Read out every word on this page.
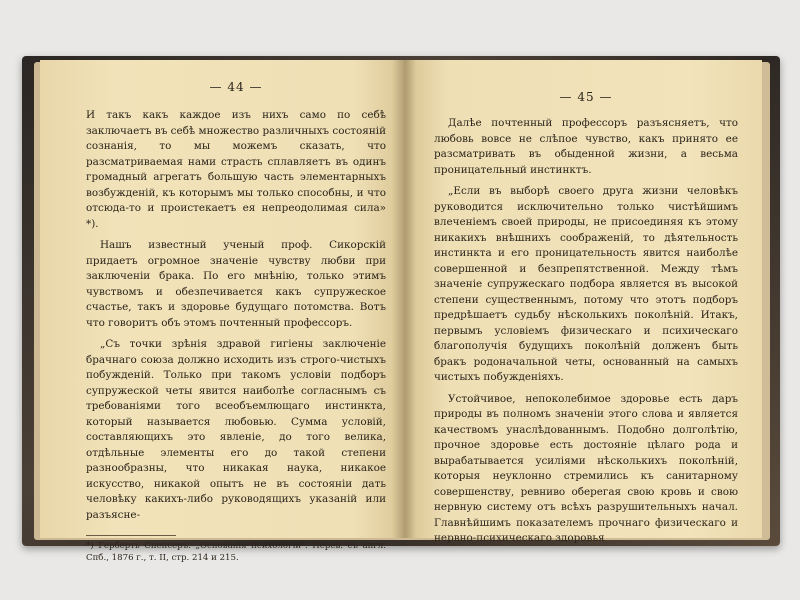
— 44 —

И такъ какъ каждое изъ нихъ само по себѣ заключаетъ въ себѣ множество различныхъ состояній сознанія, то мы можемъ сказать, что разсматриваемая нами страсть сплавляетъ въ одинъ громадный агрегатъ большую часть элементарныхъ возбужденій, къ которымъ мы только способны, и что отсюда-то и проистекаетъ ея непреодолимая сила» *).

Нашъ известный ученый проф. Сикорскій придаетъ огромное значеніе чувству любви при заключеніи брака. По его мнѣнію, только этимъ чувствомъ и обезпечивается какъ супружеское счастье, такъ и здоровье будущаго потомства. Вотъ что говоритъ объ этомъ почтенный профессоръ.

„Съ точки зрѣнія здравой гигіены заключеніе брачнаго союза должно исходить изъ строго-чистыхъ побужденій. Только при такомъ условіи подборъ супружеской четы явится наиболѣе согласнымъ съ требованіями того всеобъемлющаго инстинкта, который называется любовью. Сумма условій, составляющихъ это явленіе, до того велика, отдѣльные элементы его до такой степени разнообразны, что никакая наука, никакое искусство, никакой опытъ не въ состояніи дать человѣку какихъ-либо руководящихъ указаній или разъясне-

*) Герберть Спенсеръ. „Основанія психологіи". Перев. съ англ. Спб., 1876 г., т. II, стр. 214 и 215.

— 45 —

Далѣе почтенный профессоръ разъясняетъ, что любовь вовсе не слѣпое чувство, какъ принято ее разсматривать въ обыденной жизни, а весьма проницательный инстинктъ.

„Если въ выборѣ своего друга жизни человѣкъ руководится исключительно только чистѣйшимъ влеченіемъ своей природы, не присоединяя къ этому никакихъ внѣшнихъ соображеній, то дѣятельность инстинкта и его проницательность явится наиболѣе совершенной и безпрепятственной. Между тѣмъ значеніе супружескаго подбора является въ высокой степени существеннымъ, потому что этотъ подборъ предрѣшаетъ судьбу нѣсколькихъ поколѣній. Итакъ, первымъ условіемъ физическаго и психическаго благополучія будущихъ поколѣній долженъ быть бракъ родоначальной четы, основанный на самыхъ чистыхъ побужденіяхъ.

Устойчивое, непоколебимое здоровье есть даръ природы въ полномъ значеніи этого слова и является качествомъ унаслѣдованнымъ. Подобно долголѣтію, прочное здоровье есть достояніе цѣлаго рода и вырабатывается усиліями нѣсколькихъ поколѣній, которыя неуклонно стремились къ санитарному совершенству, ревниво оберегая свою кровь и свою нервную систему отъ всѣхъ разрушительныхъ начал. Главнѣйшимъ показателемъ прочнаго физическаго и нервно-психическаго здоровья
